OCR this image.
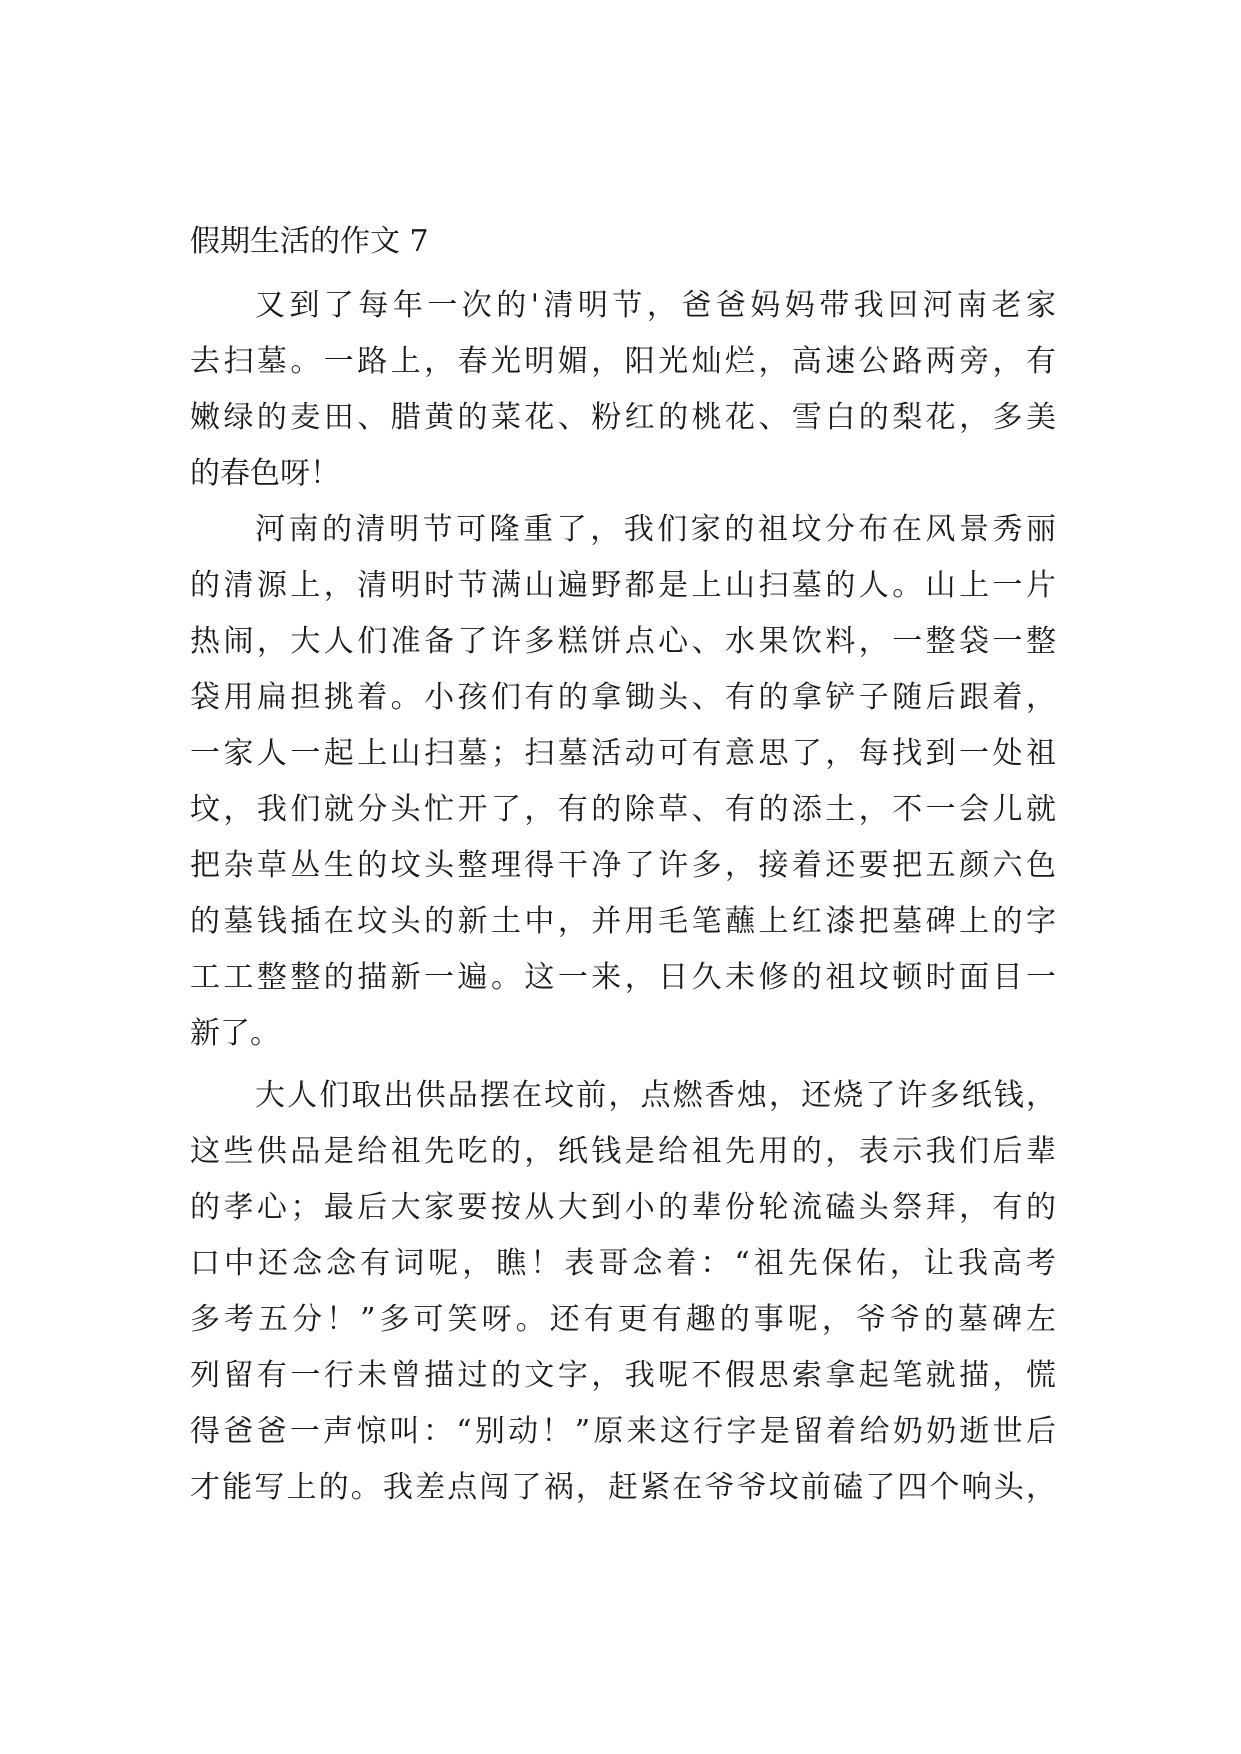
假期生活的作文 7
又到了每年一次的'清明节，爸爸妈妈带我回河南老家
去扫墓。一路上，春光明媚，阳光灿烂，高速公路两旁，有
嫩绿的麦田、腊黄的菜花、粉红的桃花、雪白的梨花，多美
的春色呀！
河南的清明节可隆重了，我们家的祖坟分布在风景秀丽
的清源上，清明时节满山遍野都是上山扫墓的人。山上一片
热闹，大人们准备了许多糕饼点心、水果饮料，一整袋一整
袋用扁担挑着。小孩们有的拿锄头、有的拿铲子随后跟着，
一家人一起上山扫墓；扫墓活动可有意思了，每找到一处祖
坟，我们就分头忙开了，有的除草、有的添土，不一会儿就
把杂草丛生的坟头整理得干净了许多，接着还要把五颜六色
的墓钱插在坟头的新土中，并用毛笔蘸上红漆把墓碑上的字
工工整整的描新一遍。这一来，日久未修的祖坟顿时面目一
新了。
大人们取出供品摆在坟前，点燃香烛，还烧了许多纸钱，
这些供品是给祖先吃的，纸钱是给祖先用的，表示我们后辈
的孝心；最后大家要按从大到小的辈份轮流磕头祭拜，有的
口中还念念有词呢，瞧！表哥念着：“祖先保佑，让我高考
多考五分！”多可笑呀。还有更有趣的事呢，爷爷的墓碑左
列留有一行未曾描过的文字，我呢不假思索拿起笔就描，慌
得爸爸一声惊叫：“别动！”原来这行字是留着给奶奶逝世后
才能写上的。我差点闯了祸，赶紧在爷爷坟前磕了四个响头，
